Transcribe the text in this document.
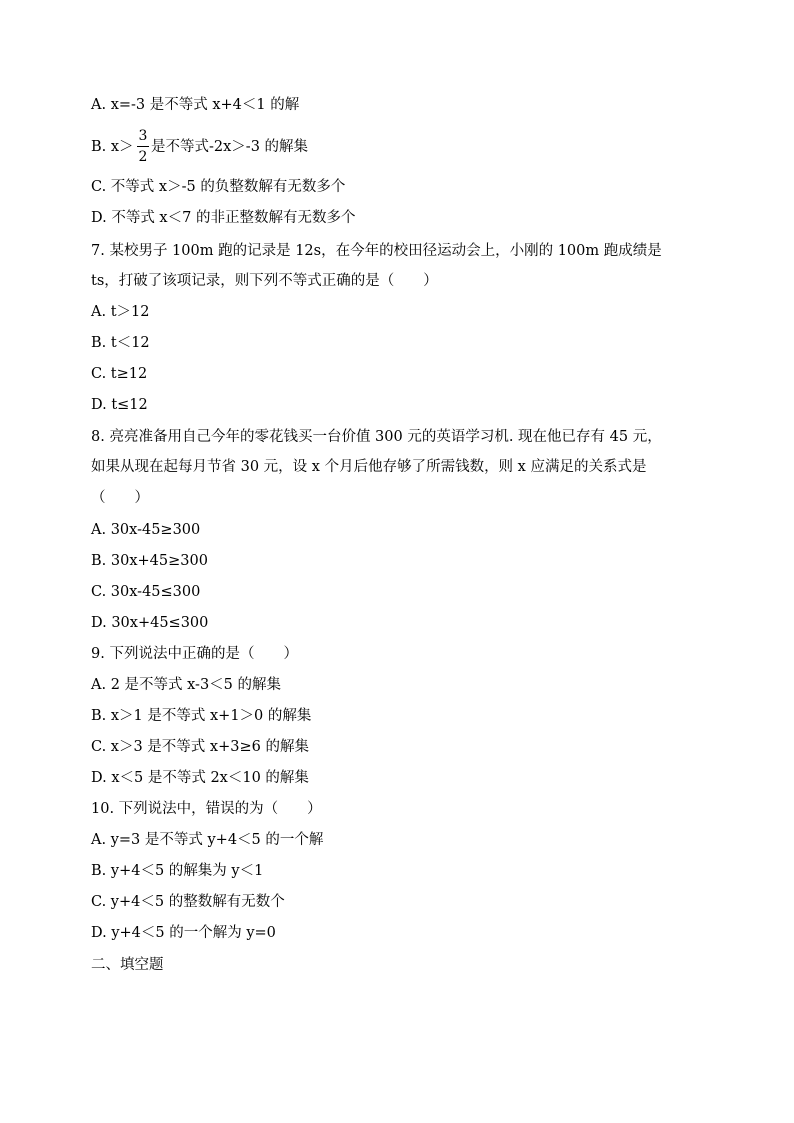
A. x=-3 是不等式 x+4＜1 的解
B. x＞
3
2
是不等式-2x＞-3 的解集
C. 不等式 x＞-5 的负整数解有无数多个
D. 不等式 x＜7 的非正整数解有无数多个
7. 某校男子 100m 跑的记录是 12s，在今年的校田径运动会上，小刚的 100m 跑成绩是
ts，打破了该项记录，则下列不等式正确的是（　　）
A. t＞12
B. t＜12
C. t≥12
D. t≤12
8. 亮亮准备用自己今年的零花钱买一台价值 300 元的英语学习机. 现在他已存有 45 元，
如果从现在起每月节省 30 元，设 x 个月后他存够了所需钱数，则 x 应满足的关系式是
（　　）
A. 30x-45≥300
B. 30x+45≥300
C. 30x-45≤300
D. 30x+45≤300
9. 下列说法中正确的是（　　）
A. 2 是不等式 x-3＜5 的解集
B. x＞1 是不等式 x+1＞0 的解集
C. x＞3 是不等式 x+3≥6 的解集
D. x＜5 是不等式 2x＜10 的解集
10. 下列说法中，错误的为（　　）
A. y=3 是不等式 y+4＜5 的一个解
B. y+4＜5 的解集为 y＜1
C. y+4＜5 的整数解有无数个
D. y+4＜5 的一个解为 y=0
二、填空题
